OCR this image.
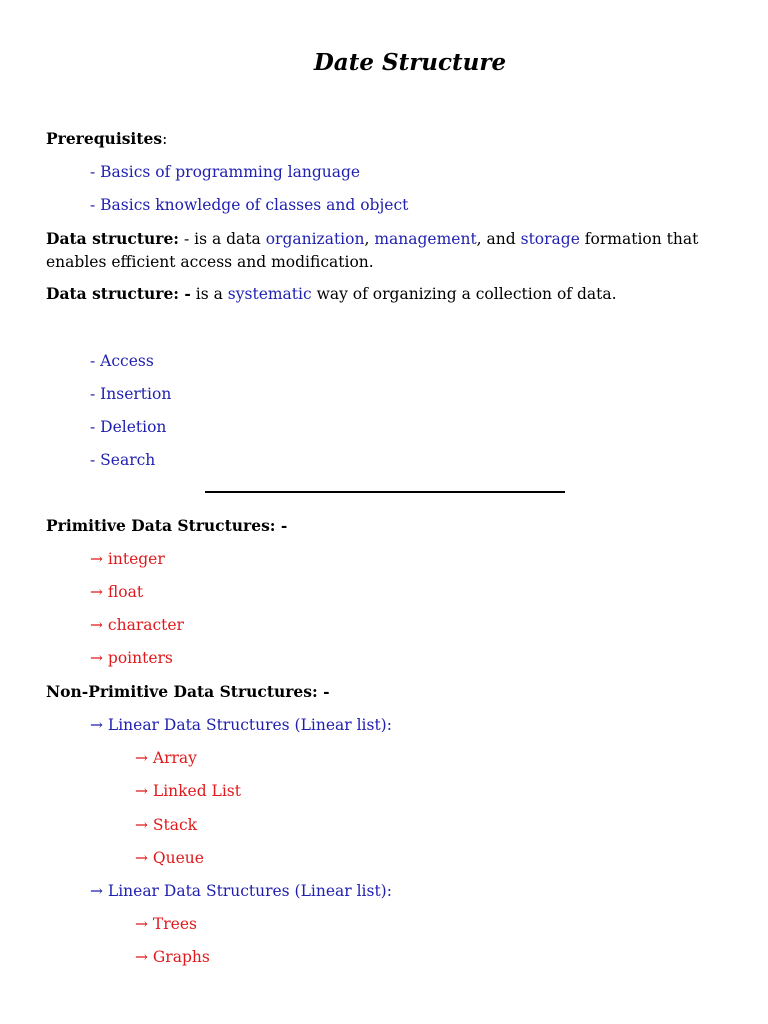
Date Structure
Prerequisites:
- Basics of programming language
- Basics knowledge of classes and object
Data structure: - is a data organization, management, and storage formation that enables efficient access and modification.
Data structure: - is a systematic way of organizing a collection of data.
- Access
- Insertion
- Deletion
- Search
Primitive Data Structures: -
→ integer
→ float
→ character
→ pointers
Non-Primitive Data Structures: -
→ Linear Data Structures (Linear list):
→ Array
→ Linked List
→ Stack
→ Queue
→ Linear Data Structures (Linear list):
→ Trees
→ Graphs
